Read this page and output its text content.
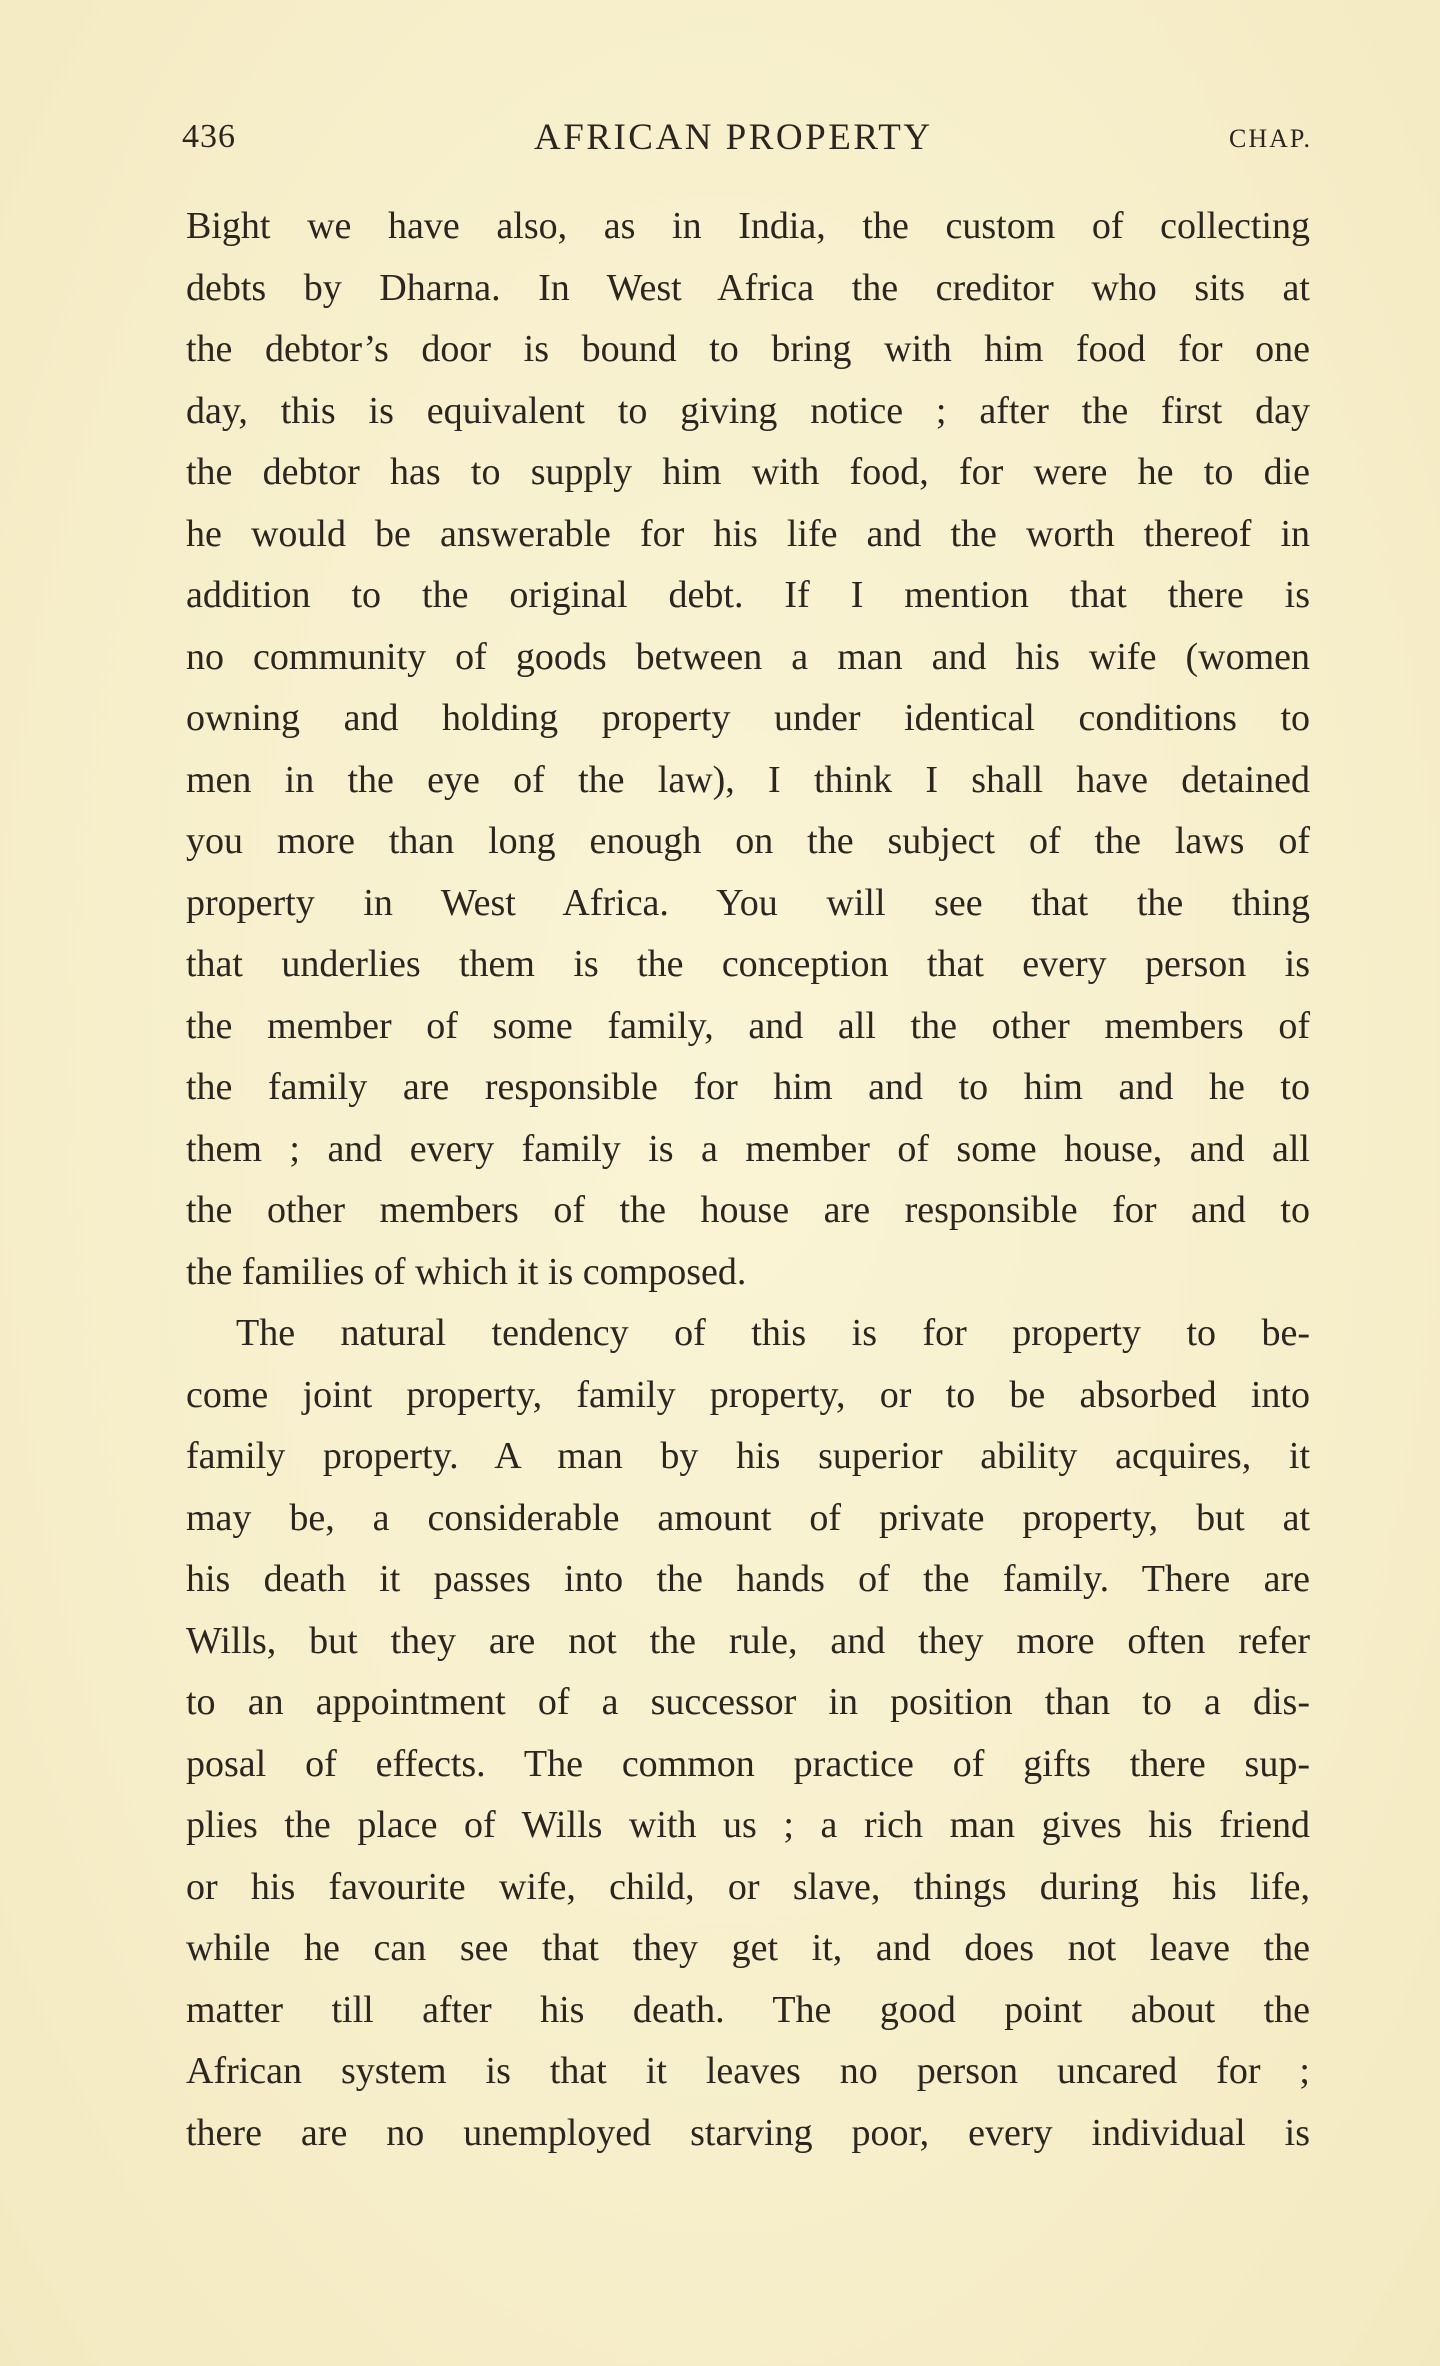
436	AFRICAN PROPERTY	CHAP.
Bight we have also, as in India, the custom of collecting
debts by Dharna. In West Africa the creditor who sits at
the debtor’s door is bound to bring with him food for one
day, this is equivalent to giving notice ; after the first day
the debtor has to supply him with food, for were he to die
he would be answerable for his life and the worth thereof in
addition to the original debt. If I mention that there is
no community of goods between a man and his wife (women
owning and holding property under identical conditions to
men in the eye of the law), I think I shall have detained
you more than long enough on the subject of the laws of
property in West Africa. You will see that the thing
that underlies them is the conception that every person is
the member of some family, and all the other members of
the family are responsible for him and to him and he to
them ; and every family is a member of some house, and all
the other members of the house are responsible for and to
the families of which it is composed.
The natural tendency of this is for property to be-
come joint property, family property, or to be absorbed into
family property. A man by his superior ability acquires, it
may be, a considerable amount of private property, but at
his death it passes into the hands of the family. There are
Wills, but they are not the rule, and they more often refer
to an appointment of a successor in position than to a dis-
posal of effects. The common practice of gifts there sup-
plies the place of Wills with us ; a rich man gives his friend
or his favourite wife, child, or slave, things during his life,
while he can see that they get it, and does not leave the
matter till after his death. The good point about the
African system is that it leaves no person uncared for ;
there are no unemployed starving poor, every individual is
